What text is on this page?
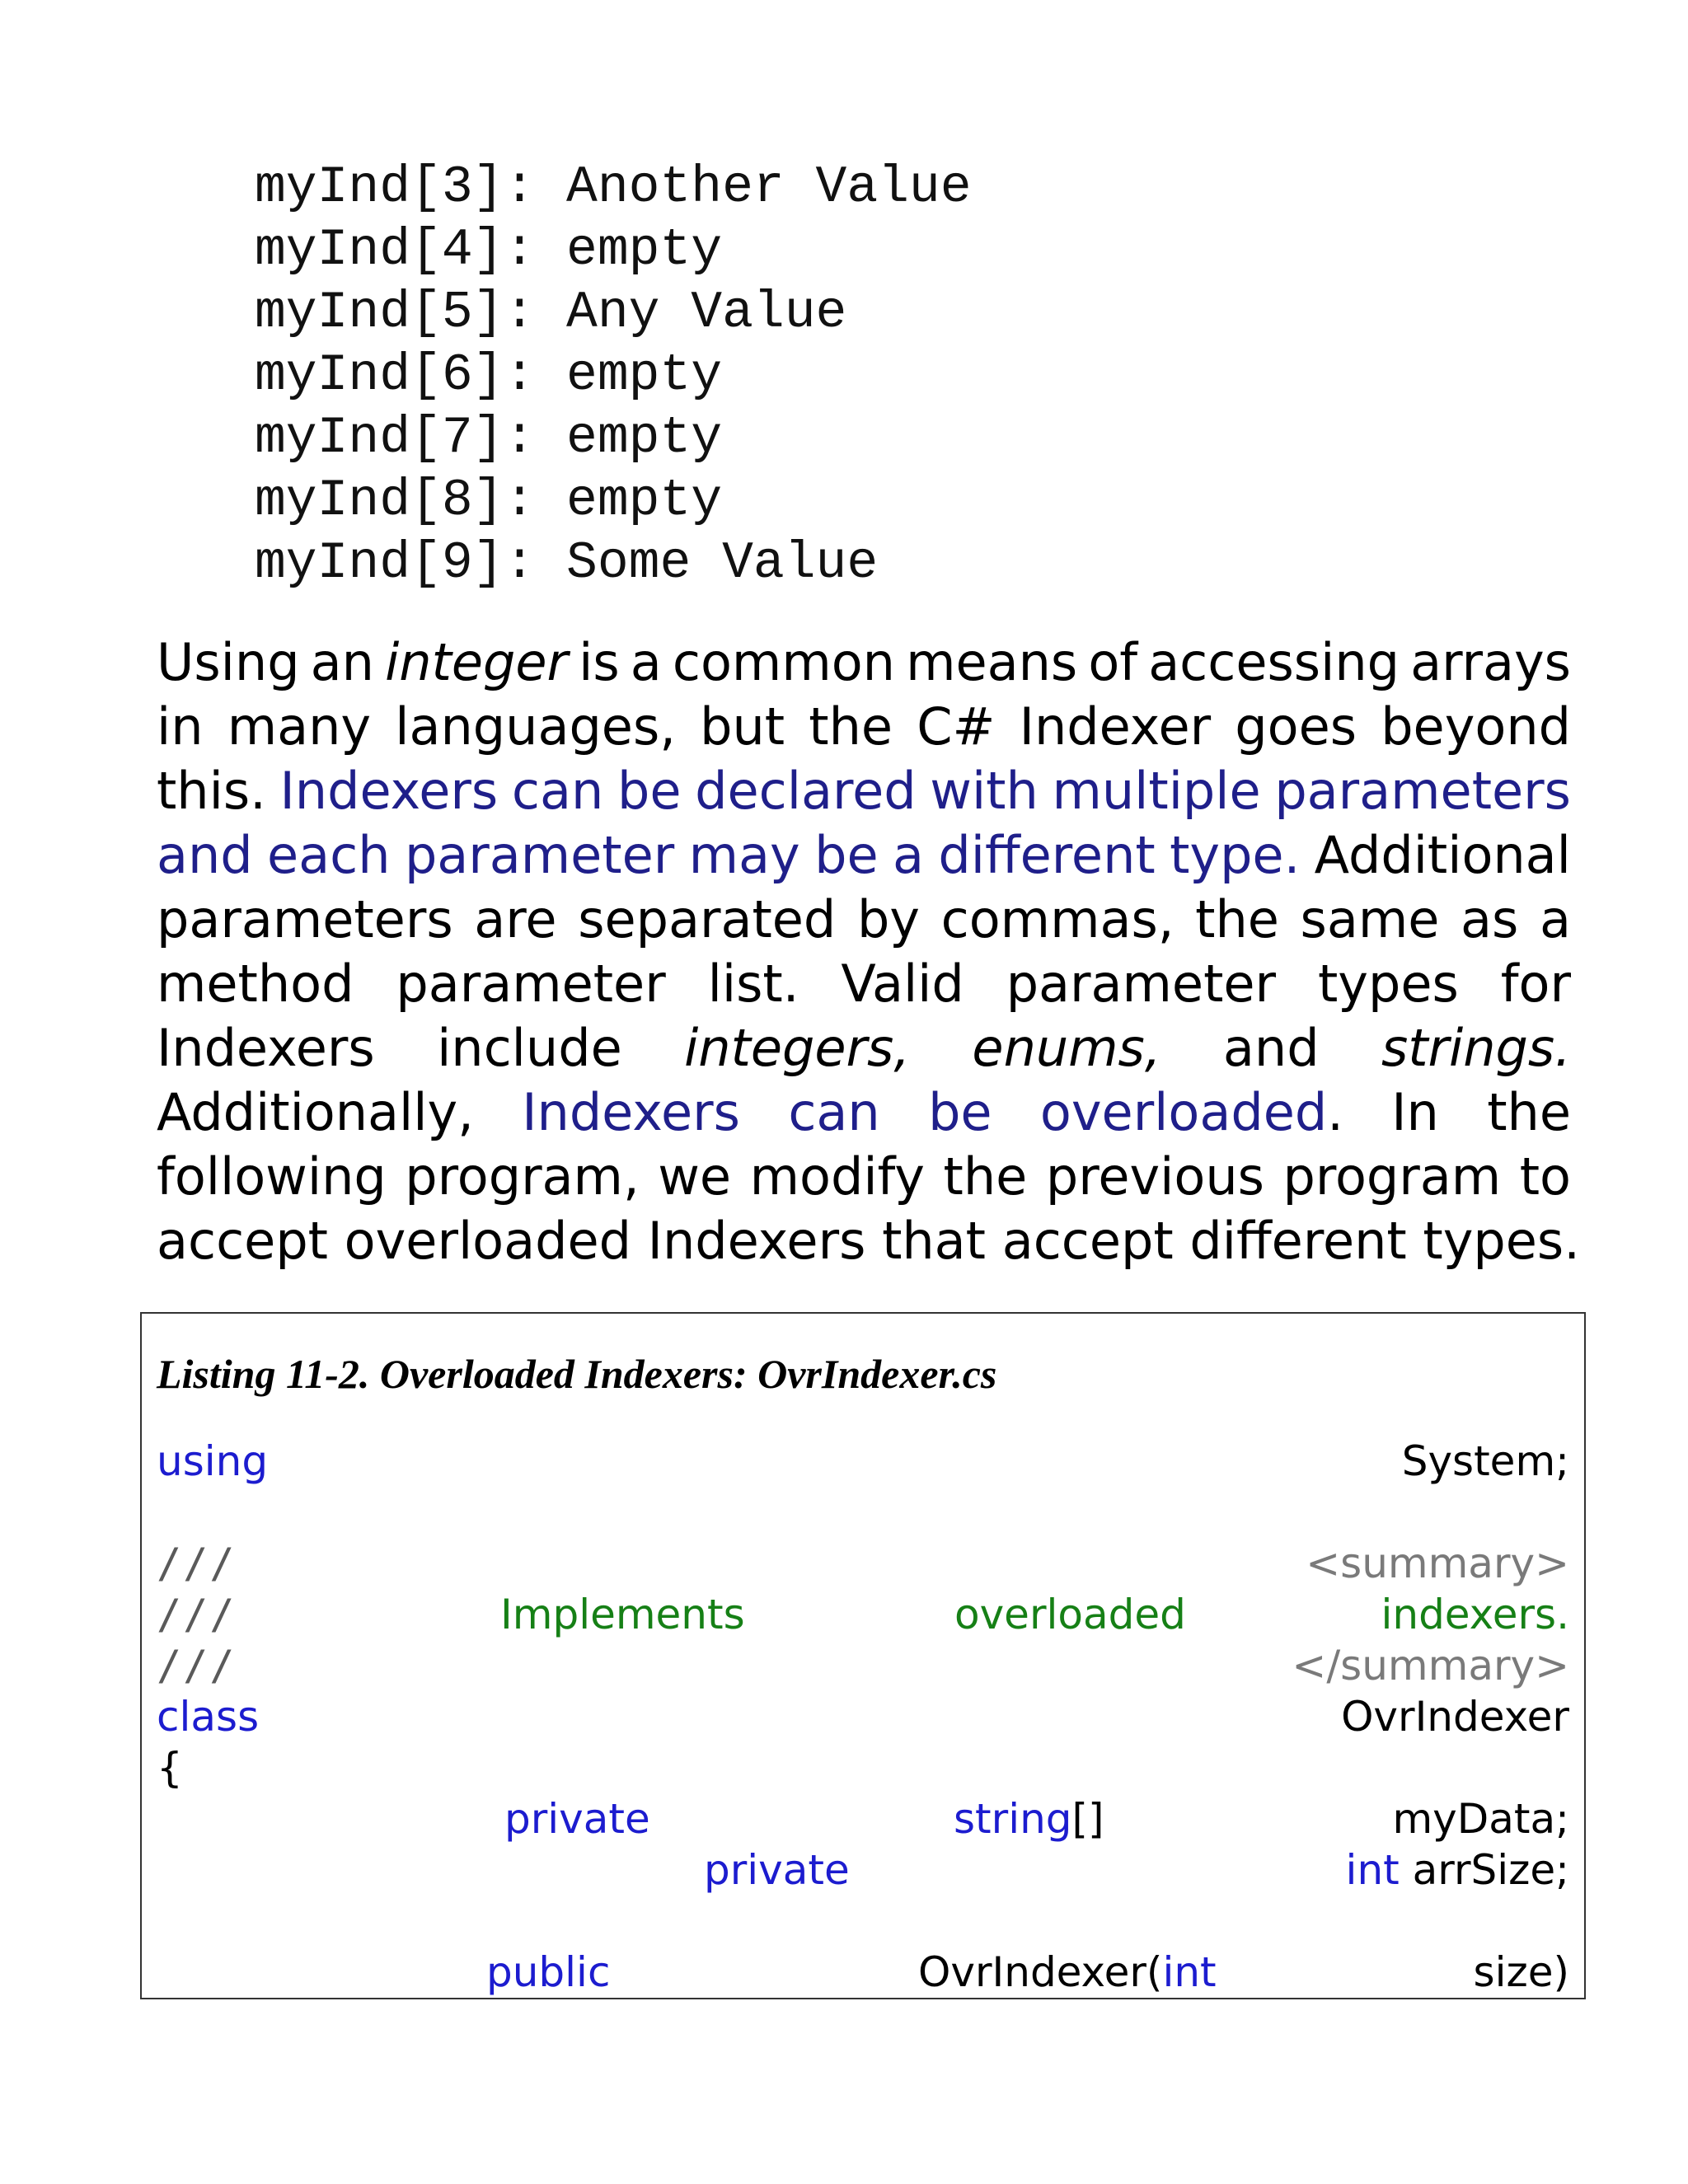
myInd[3]: Another Value
myInd[4]: empty
myInd[5]: Any Value
myInd[6]: empty
myInd[7]: empty
myInd[8]: empty
myInd[9]: Some Value
Using an integer is a common means of accessing arrays
in many languages, but the C# Indexer goes beyond
this. Indexers can be declared with multiple parameters
and each parameter may be a different type. Additional
parameters are separated by commas, the same as a
method parameter list. Valid parameter types for
Indexers include integers, enums, and strings.
Additionally, Indexers can be overloaded. In the
following program, we modify the previous program to
accept overloaded Indexers that accept different types.
Listing 11-2. Overloaded Indexers: OvrIndexer.cs
using	System;
///	<summary>
///	Implements	overloaded	indexers.
///	</summary>
class	OvrIndexer
{
private	string[]	myData;
private	int arrSize;
public	OvrIndexer(int	size)
